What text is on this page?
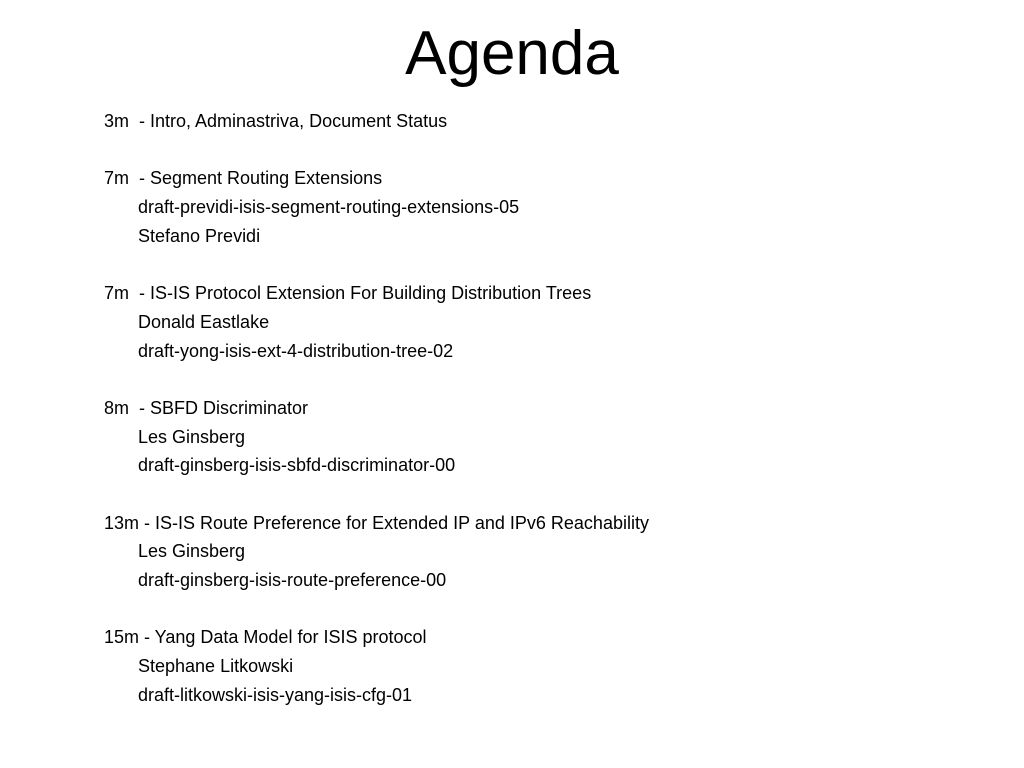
Agenda
3m  - Intro, Adminastriva, Document Status
7m  - Segment Routing Extensions
draft-previdi-isis-segment-routing-extensions-05
Stefano Previdi
7m  - IS-IS Protocol Extension For Building Distribution Trees
Donald Eastlake
draft-yong-isis-ext-4-distribution-tree-02
8m  - SBFD Discriminator
Les Ginsberg
draft-ginsberg-isis-sbfd-discriminator-00
13m - IS-IS Route Preference for Extended IP and IPv6 Reachability
Les Ginsberg
draft-ginsberg-isis-route-preference-00
15m - Yang Data Model for ISIS protocol
Stephane Litkowski
draft-litkowski-isis-yang-isis-cfg-01
